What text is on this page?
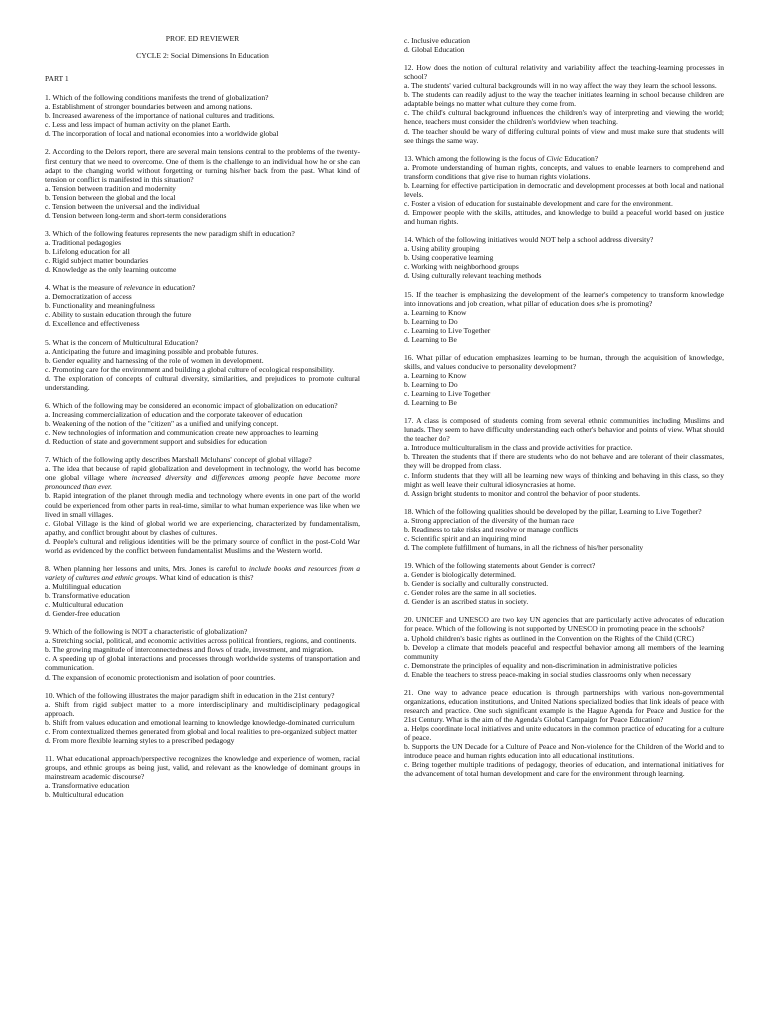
PROF. ED REVIEWER

CYCLE 2: Social Dimensions In Education

PART 1

1. Which of the following conditions manifests the trend of globalization?

a. Establishment of stronger boundaries between and among nations.

b. Increased awareness of the importance of national cultures and traditions.

c. Less and less impact of human activity on the planet Earth.

d. The incorporation of local and national economies into a worldwide global

2. According to the Delors report, there are several main tensions central to the problems of the twenty-first century that we need to overcome. One of them is the challenge to an individual how he or she can adapt to the changing world without forgetting or turning his/her back from the past. What kind of tension or conflict is manifested in this situation?

a. Tension between tradition and modernity

b. Tension between the global and the local

c. Tension between the universal and the individual

d. Tension between long-term and short-term considerations

3. Which of the following features represents the new paradigm shift in education?

a. Traditional pedagogies

b. Lifelong education for all

c. Rigid subject matter boundaries

d. Knowledge as the only learning outcome

4. What is the measure of relevance in education?

a. Democratization of access

b. Functionality and meaningfulness

c. Ability to sustain education through the future

d. Excellence and effectiveness

5. What is the concern of Multicultural Education?

a. Anticipating the future and imagining possible and probable futures.

b. Gender equality and harnessing of the role of women in development.

c. Promoting care for the environment and building a global culture of ecological responsibility.

d. The exploration of concepts of cultural diversity, similarities, and prejudices to promote cultural understanding.

6. Which of the following may be considered an economic impact of globalization on education?

a. Increasing commercialization of education and the corporate takeover of education

b. Weakening of the notion of the "citizen" as a unified and unifying concept.

c. New technologies of information and communication create new approaches to learning

d. Reduction of state and government support and subsidies for education

7. Which of the following aptly describes Marshall Mcluhans' concept of global village?

a. The idea that because of rapid globalization and development in technology, the world has become one global village where increased diversity and differences among people have become more pronounced than ever.

b. Rapid integration of the planet through media and technology where events in one part of the world could be experienced from other parts in real-time, similar to what human experience was like when we lived in small villages.

c. Global Village is the kind of global world we are experiencing, characterized by fundamentalism, apathy, and conflict brought about by clashes of cultures.

d. People's cultural and religious identities will be the primary source of conflict in the post-Cold War world as evidenced by the conflict between fundamentalist Muslims and the Western world.

8. When planning her lessons and units, Mrs. Jones is careful to include books and resources from a variety of cultures and ethnic groups. What kind of education is this?

a. Multilingual education

b. Transformative education

c. Multicultural education

d. Gender-free education

9. Which of the following is NOT a characteristic of globalization?

a. Stretching social, political, and economic activities across political frontiers, regions, and continents.

b. The growing magnitude of interconnectedness and flows of trade, investment, and migration.

c. A speeding up of global interactions and processes through worldwide systems of transportation and communication.

d. The expansion of economic protectionism and isolation of poor countries.

10. Which of the following illustrates the major paradigm shift in education in the 21st century?

a. Shift from rigid subject matter to a more interdisciplinary and multidisciplinary pedagogical approach.

b. Shift from values education and emotional learning to knowledge knowledge-dominated curriculum

c. From contextualized themes generated from global and local realities to pre-organized subject matter

d. From more flexible learning styles to a prescribed pedagogy

11. What educational approach/perspective recognizes the knowledge and experience of women, racial groups, and ethnic groups as being just, valid, and relevant as the knowledge of dominant groups in mainstream academic discourse?

a. Transformative education

b. Multicultural education

c. Inclusive education

d. Global Education

12. How does the notion of cultural relativity and variability affect the teaching-learning processes in school?

a. The students' varied cultural backgrounds will in no way affect the way they learn the school lessons.

b. The students can readily adjust to the way the teacher initiates learning in school because children are adaptable beings no matter what culture they come from.

c. The child's cultural background influences the children's way of interpreting and viewing the world; hence, teachers must consider the children's worldview when teaching.

d. The teacher should be wary of differing cultural points of view and must make sure that students will see things the same way.

13. Which among the following is the focus of Civic Education?

a. Promote understanding of human rights, concepts, and values to enable learners to comprehend and transform conditions that give rise to human rights violations.

b. Learning for effective participation in democratic and development processes at both local and national levels.

c. Foster a vision of education for sustainable development and care for the environment.

d. Empower people with the skills, attitudes, and knowledge to build a peaceful world based on justice and human rights.

14. Which of the following initiatives would NOT help a school address diversity?

a. Using ability grouping

b. Using cooperative learning

c. Working with neighborhood groups

d. Using culturally relevant teaching methods

15. If the teacher is emphasizing the development of the learner's competency to transform knowledge into innovations and job creation, what pillar of education does s/he is promoting?

a. Learning to Know

b. Learning to Do

c. Learning to Live Together

d. Learning to Be

16. What pillar of education emphasizes learning to be human, through the acquisition of knowledge, skills, and values conducive to personality development?

a. Learning to Know

b. Learning to Do

c. Learning to Live Together

d. Learning to Be

17. A class is composed of students coming from several ethnic communities including Muslims and lunads. They seem to have difficulty understanding each other's behavior and points of view. What should the teacher do?

a. Introduce multiculturalism in the class and provide activities for practice.

b. Threaten the students that if there are students who do not behave and are tolerant of their classmates, they will be dropped from class.

c. Inform students that they will all be learning new ways of thinking and behaving in this class, so they might as well leave their cultural idiosyncrasies at home.

d. Assign bright students to monitor and control the behavior of poor students.

18. Which of the following qualities should be developed by the pillar, Learning to Live Together?

a. Strong appreciation of the diversity of the human race

b. Readiness to take risks and resolve or manage conflicts

c. Scientific spirit and an inquiring mind

d. The complete fulfillment of humans, in all the richness of his/her personality

19. Which of the following statements about Gender is correct?

a. Gender is biologically determined.

b. Gender is socially and culturally constructed.

c. Gender roles are the same in all societies.

d. Gender is an ascribed status in society.

20. UNICEF and UNESCO are two key UN agencies that are particularly active advocates of education for peace. Which of the following is not supported by UNESCO in promoting peace in the schools?

a. Uphold children's basic rights as outlined in the Convention on the Rights of the Child (CRC)

b. Develop a climate that models peaceful and respectful behavior among all members of the learning community

c. Demonstrate the principles of equality and non-discrimination in administrative policies

d. Enable the teachers to stress peace-making in social studies classrooms only when necessary

21. One way to advance peace education is through partnerships with various non-governmental organizations, education institutions, and United Nations specialized bodies that link ideals of peace with research and practice. One such significant example is the Hague Agenda for Peace and Justice for the 21st Century. What is the aim of the Agenda's Global Campaign for Peace Education?

a. Helps coordinate local initiatives and unite educators in the common practice of educating for a culture of peace.

b. Supports the UN Decade for a Culture of Peace and Non-violence for the Children of the World and to introduce peace and human rights education into all educational institutions.

c. Bring together multiple traditions of pedagogy, theories of education, and international initiatives for the advancement of total human development and care for the environment through learning.
